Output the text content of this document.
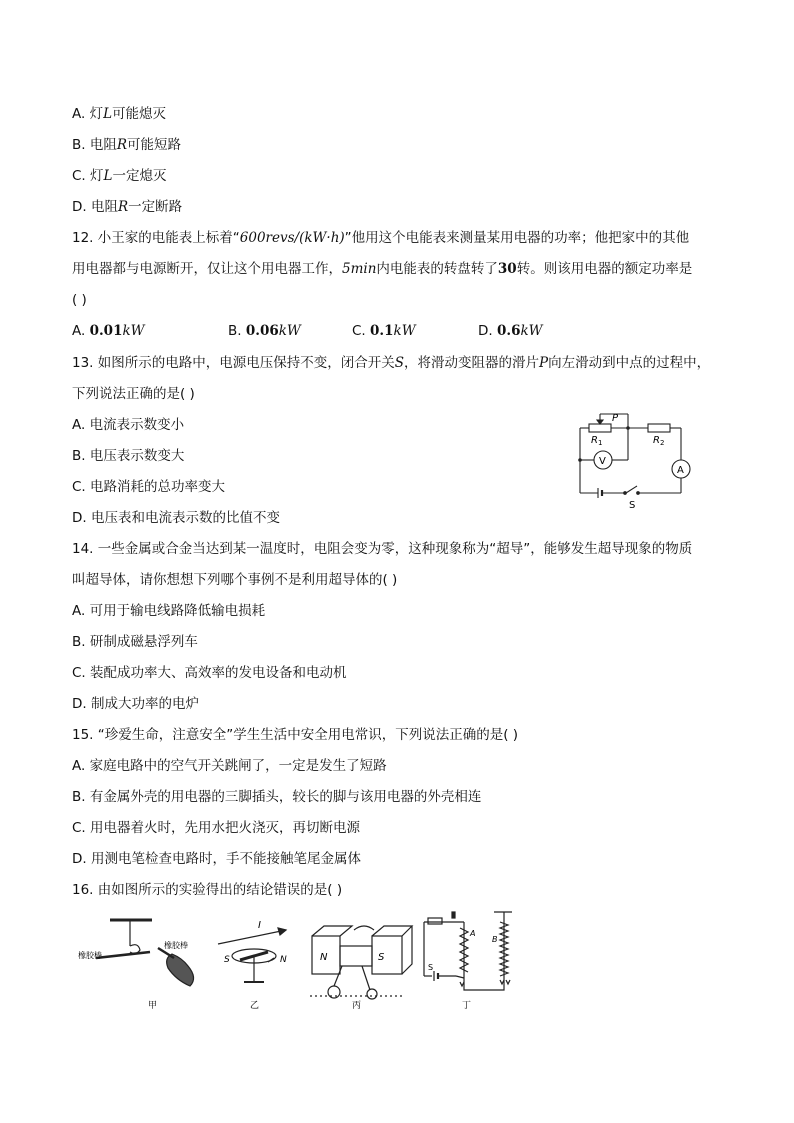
A. 灯L可能熄灭
B. 电阻R可能短路
C. 灯L一定熄灭
D. 电阻R一定断路
12. 小王家的电能表上标着“600revs/(kW·h)”他用这个电能表来测量某用电器的功率；他把家中的其他
用电器都与电源断开，仅让这个用电器工作，5min内电能表的转盘转了30转。则该用电器的额定功率是
( )
A. 0.01kW	B. 0.06kW	C. 0.1kW	D. 0.6kW
13. 如图所示的电路中，电源电压保持不变，闭合开关S，将滑动变阻器的滑片P向左滑动到中点的过程中，
下列说法正确的是( )
A. 电流表示数变小
B. 电压表示数变大
C. 电路消耗的总功率变大
D. 电压表和电流表示数的比值不变
P
$R_1$	$R_2$
V
A
S
14. 一些金属或合金当达到某一温度时，电阻会变为零，这种现象称为“超导”，能够发生超导现象的物质
叫超导体，请你想想下列哪个事例不是利用超导体的( )
A. 可用于输电线路降低输电损耗
B. 研制成磁悬浮列车
C. 装配成功率大、高效率的发电设备和电动机
D. 制成大功率的电炉
15. “珍爱生命，注意安全”学生生活中安全用电常识，下列说法正确的是( )
A. 家庭电路中的空气开关跳闸了，一定是发生了短路
B. 有金属外壳的用电器的三脚插头，较长的脚与该用电器的外壳相连
C. 用电器着火时，先用水把火浇灭，再切断电源
D. 用测电笔检查电路时，手不能接触笔尾金属体
16. 由如图所示的实验得出的结论错误的是( )
橡胶棒
橡胶棒
I
S	N	N	S
A
B
S
甲	乙	丙	丁
